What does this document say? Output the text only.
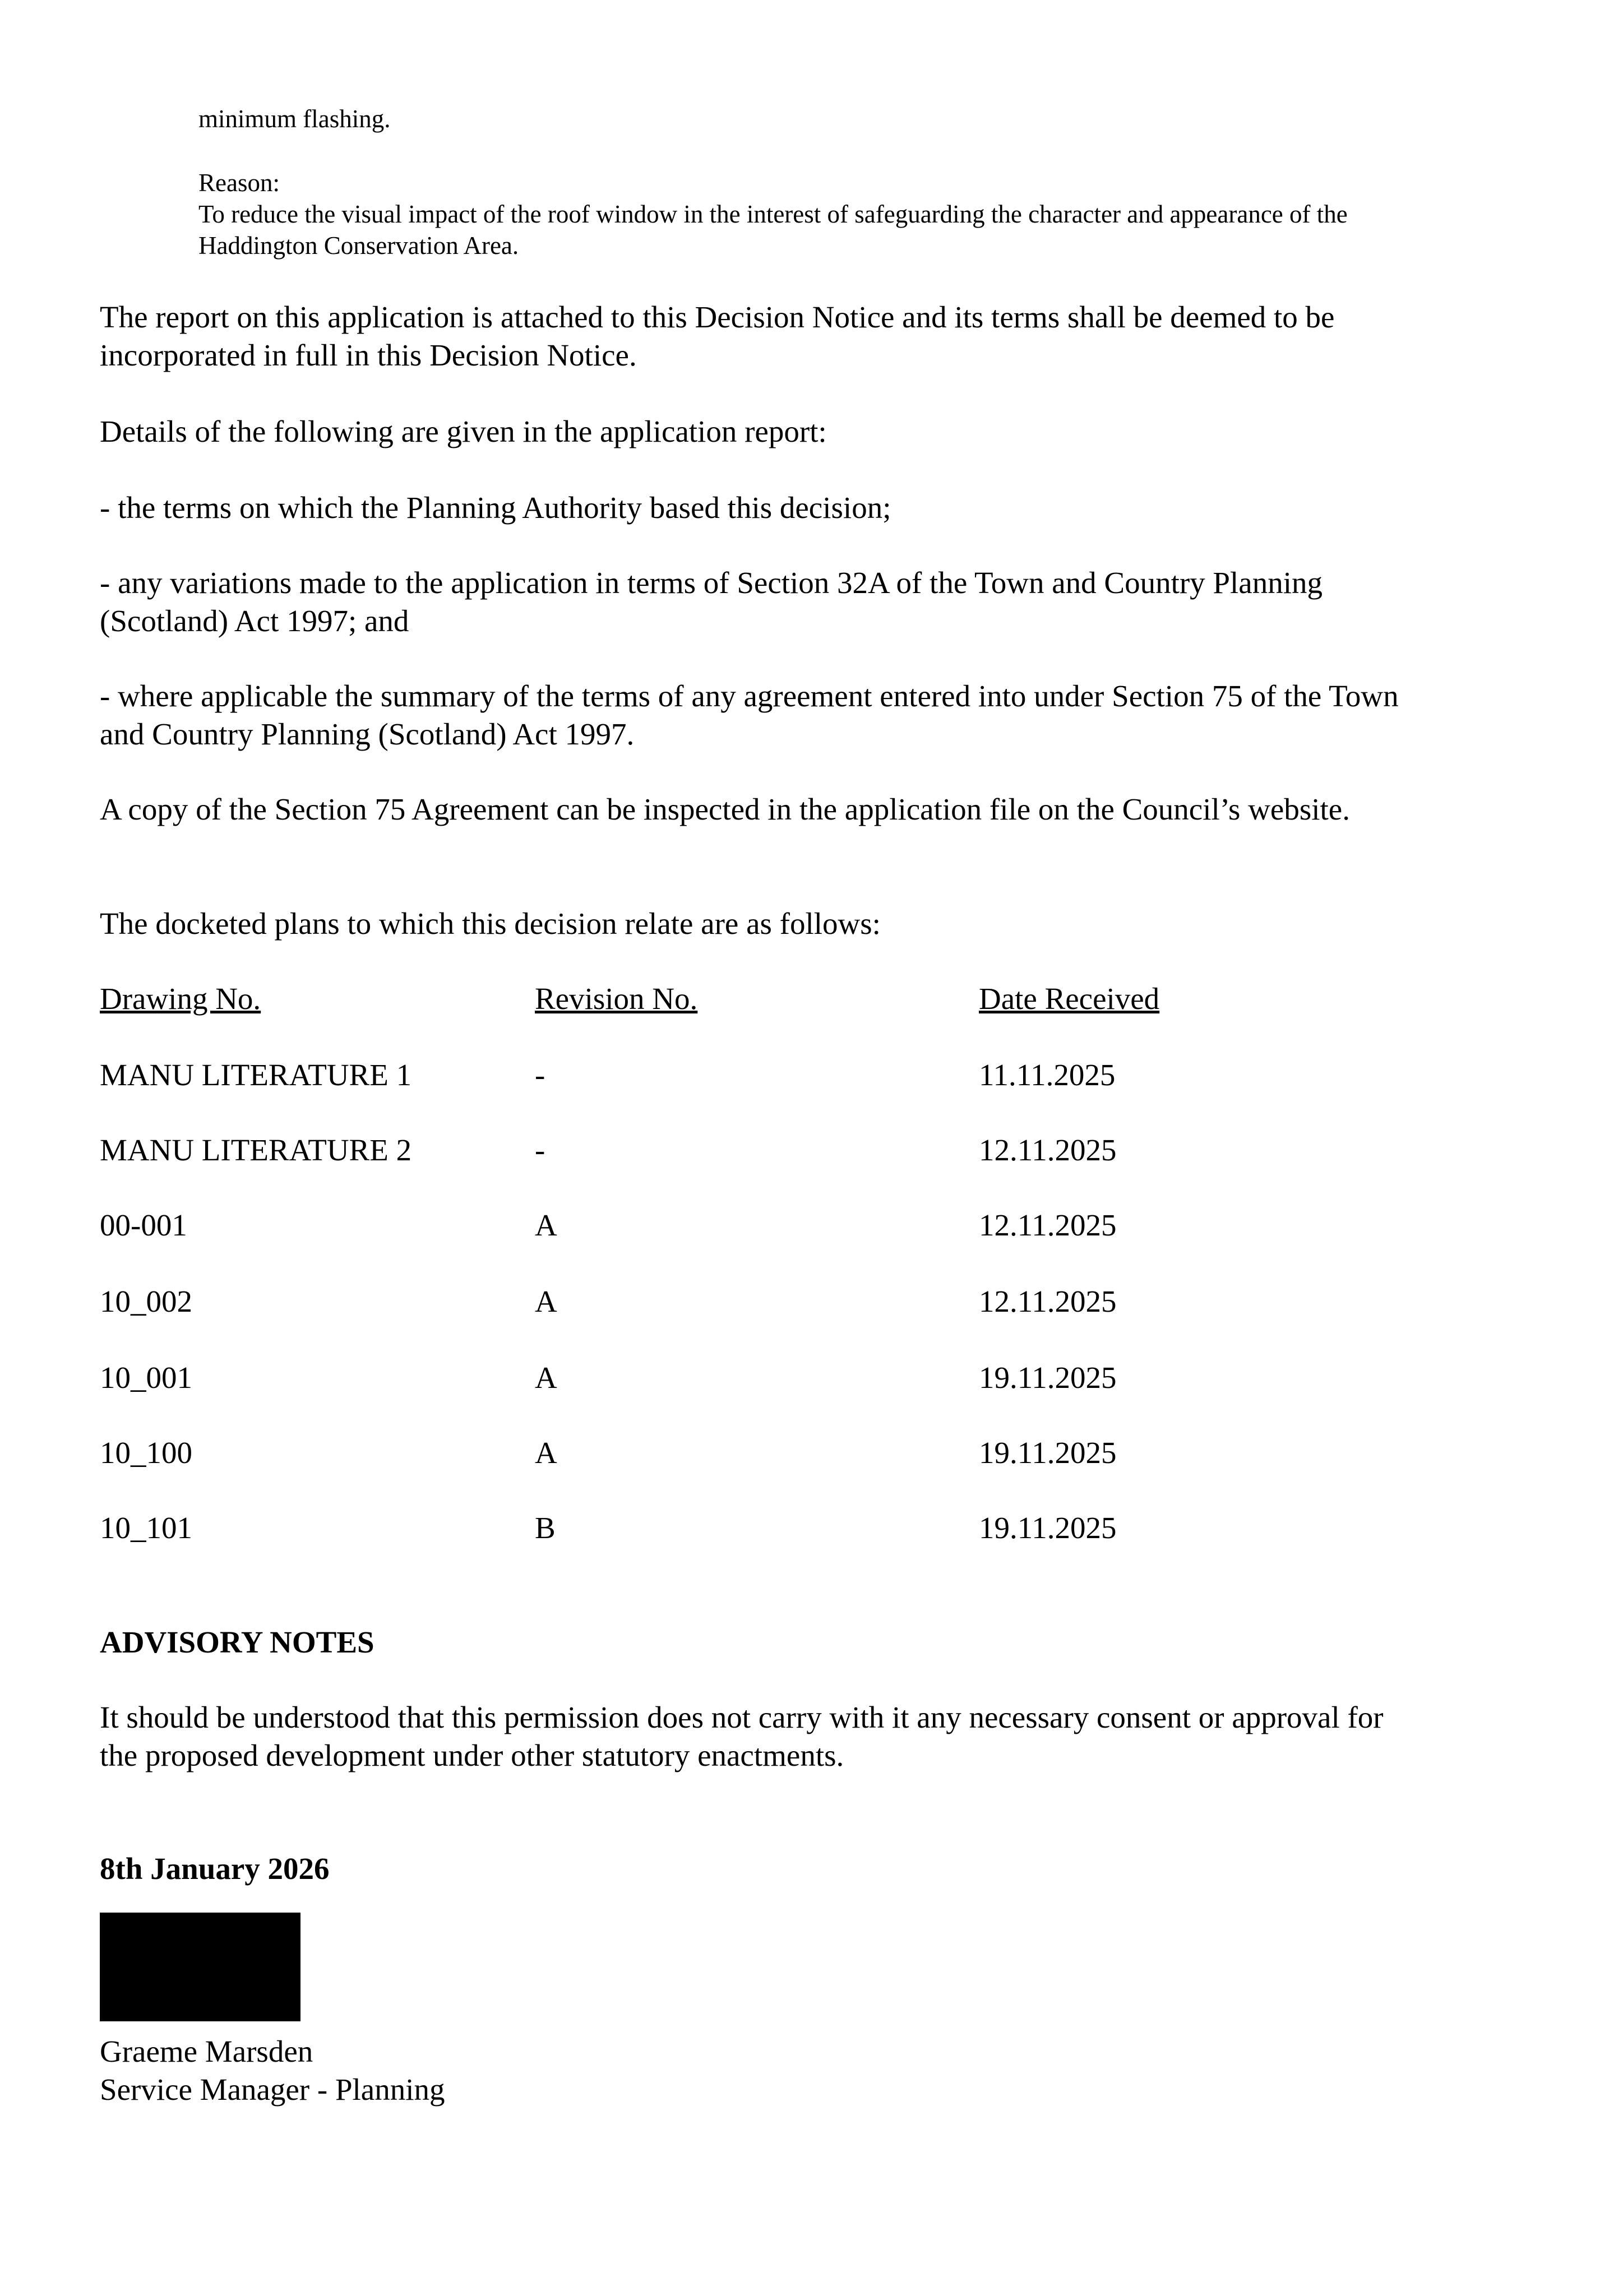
minimum flashing.

Reason:

To reduce the visual impact of the roof window in the interest of safeguarding the character and appearance of the Haddington Conservation Area.

The report on this application is attached to this Decision Notice and its terms shall be deemed to be incorporated in full in this Decision Notice.

Details of the following are given in the application report:

- the terms on which the Planning Authority based this decision;

- any variations made to the application in terms of Section 32A of the Town and Country Planning (Scotland) Act 1997; and

- where applicable the summary of the terms of any agreement entered into under Section 75 of the Town and Country Planning (Scotland) Act 1997.

A copy of the Section 75 Agreement can be inspected in the application file on the Council’s website.

The docketed plans to which this decision relate are as follows:

Drawing No.	Revision No.	Date Received

MANU LITERATURE 1	-	11.11.2025

MANU LITERATURE 2	-	12.11.2025

00-001	A	12.11.2025

10_002	A	12.11.2025

10_001	A	19.11.2025

10_100	A	19.11.2025

10_101	B	19.11.2025

ADVISORY NOTES

It should be understood that this permission does not carry with it any necessary consent or approval for the proposed development under other statutory enactments.

8th January 2026

Graeme Marsden

Service Manager - Planning
